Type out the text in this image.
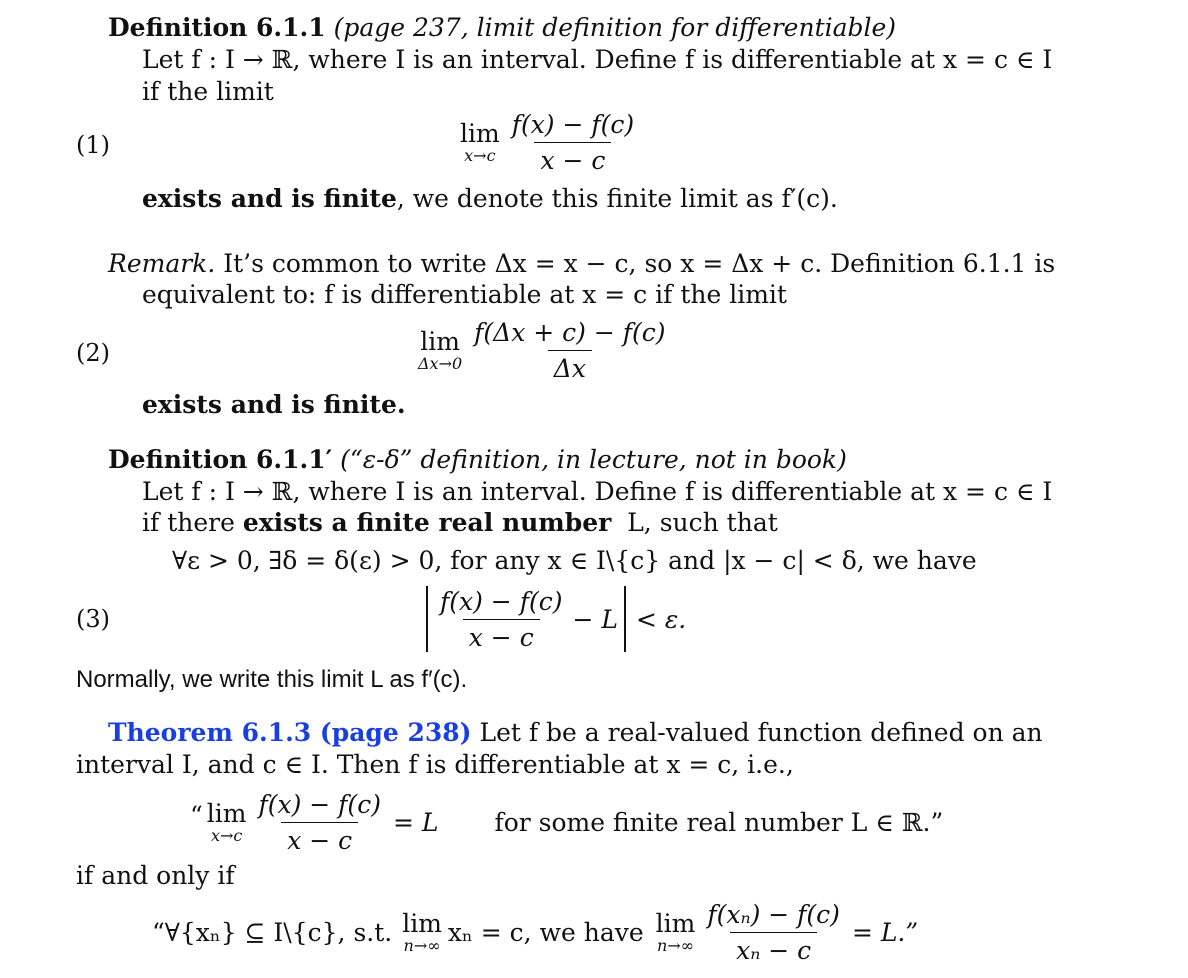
Definition 6.1.1 (page 237, limit definition for differentiable)
Let f : I → ℝ, where I is an interval. Define f is differentiable at x = c ∈ I
if the limit
(1)	lim
$x\to c \frac{f(x) - f(c)}{x - c}$
exists and is finite, we denote this finite limit as f′(c).
Remark. It’s common to write Δx = x − c, so x = Δx + c. Definition 6.1.1 is
equivalent to: f is differentiable at x = c if the limit
(2)	lim
$\Delta x\to 0 \frac{f(\Delta x + c) - f(c)}{\Delta x}$
exists and is finite.
Definition 6.1.1′ (“ε-δ” definition, in lecture, not in book)
Let f : I → ℝ, where I is an interval. Define f is differentiable at x = c ∈ I
if there exists a finite real number  L, such that
∀ε > 0, ∃δ = δ(ε) > 0, for any x ∈ I\{c} and |x − c| < δ, we have
(3)	$\frac{f(x) - f(c)}{x - c} - L < \varepsilon$.
Normally, we write this limit L as f′(c).
Theorem 6.1.3 (page 238) Let f be a real-valued function defined on an
interval I, and c ∈ I. Then f is differentiable at x = c, i.e.,
“ lim
$x\to c \frac{f(x) - f(c)}{x - c} = L$ for some finite real number L ∈ ℝ.”
if and only if
“∀{xₙ} ⊆ I\{c}, s.t. lim
n→∞ xₙ = c, we have lim
$n\to\infty \frac{\text{f(xₙ) − f(c)}}{\text{xₙ − c}} = L$.”
